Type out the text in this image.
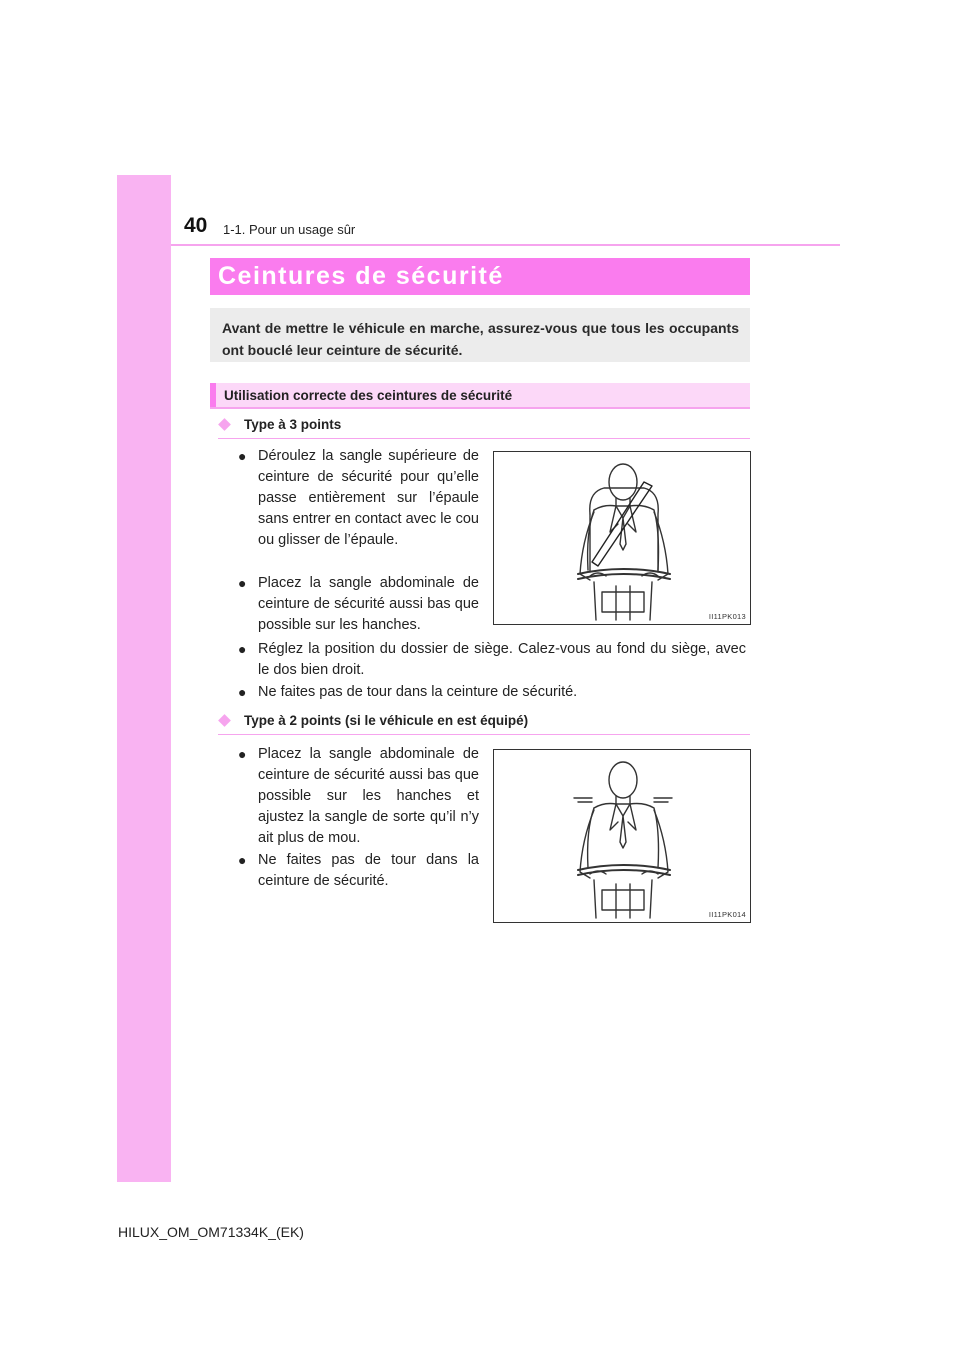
40 1-1. Pour un usage sûr
Ceintures de sécurité

Avant de mettre le véhicule en marche, assurez-vous que tous les occupants ont bouclé leur ceinture de sécurité.

Utilisation correcte des ceintures de sécurité
Type à 3 points
● Déroulez la sangle supérieure de ceinture de sécurité pour qu’elle passe entièrement sur l’épaule sans entrer en contact avec le cou ou glisser de l’épaule.
● Placez la sangle abdominale de ceinture de sécurité aussi bas que possible sur les hanches.
● Réglez la position du dossier de siège. Calez-vous au fond du siège, avec le dos bien droit.
● Ne faites pas de tour dans la ceinture de sécurité.
II11PK013
Type à 2 points (si le véhicule en est équipé)
● Placez la sangle abdominale de ceinture de sécurité aussi bas que possible sur les hanches et ajustez la sangle de sorte qu’il n’y ait plus de mou.
● Ne faites pas de tour dans la ceinture de sécurité.
II11PK014
HILUX_OM_OM71334K_(EK)
